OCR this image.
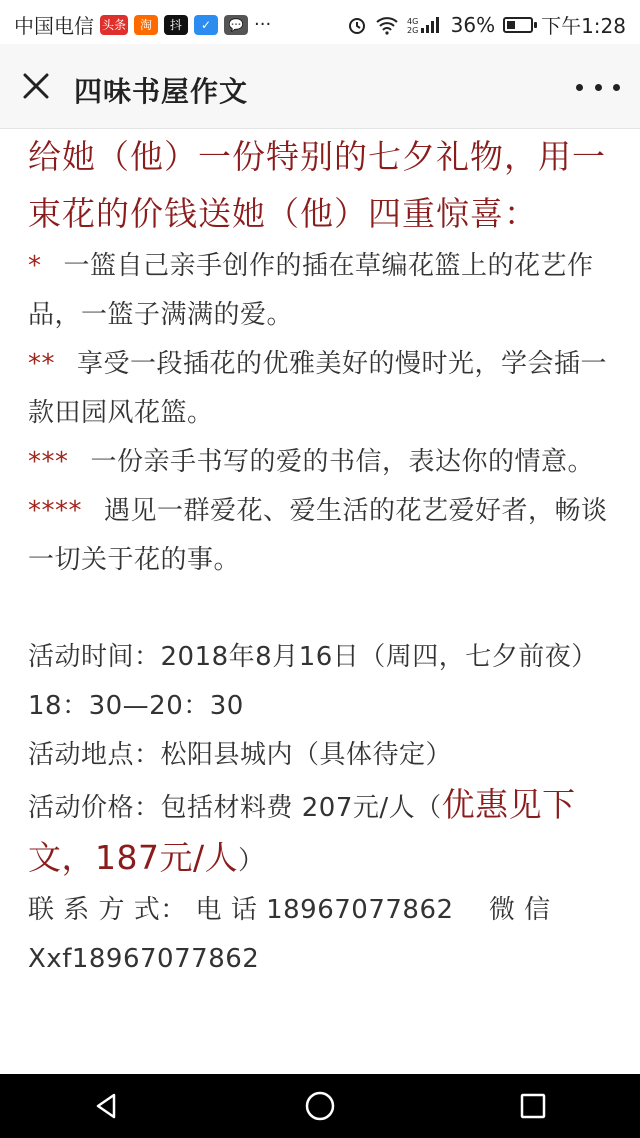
中国电信 头条	淘	抖	✓	💬 ···	4G
2G 36% 下午1:28
四味书屋作文

给她（他）一份特别的七夕礼物，用一束花的价钱送她（他）四重惊喜：

* 一篮自己亲手创作的插在草编花篮上的花艺作品，一篮子满满的爱。

** 享受一段插花的优雅美好的慢时光，学会插一款田园风花篮。

*** 一份亲手书写的爱的书信，表达你的情意。

**** 遇见一群爱花、爱生活的花艺爱好者，畅谈一切关于花的事。

活动时间：2018年8月16日（周四，七夕前夜） 18：30—20：30

活动地点：松阳县城内（具体待定）

活动价格：包括材料费 207元/人（优惠见下文，187元/人）

联 系 方 式： 电 话 18967077862　 微 信 Xxf18967077862
